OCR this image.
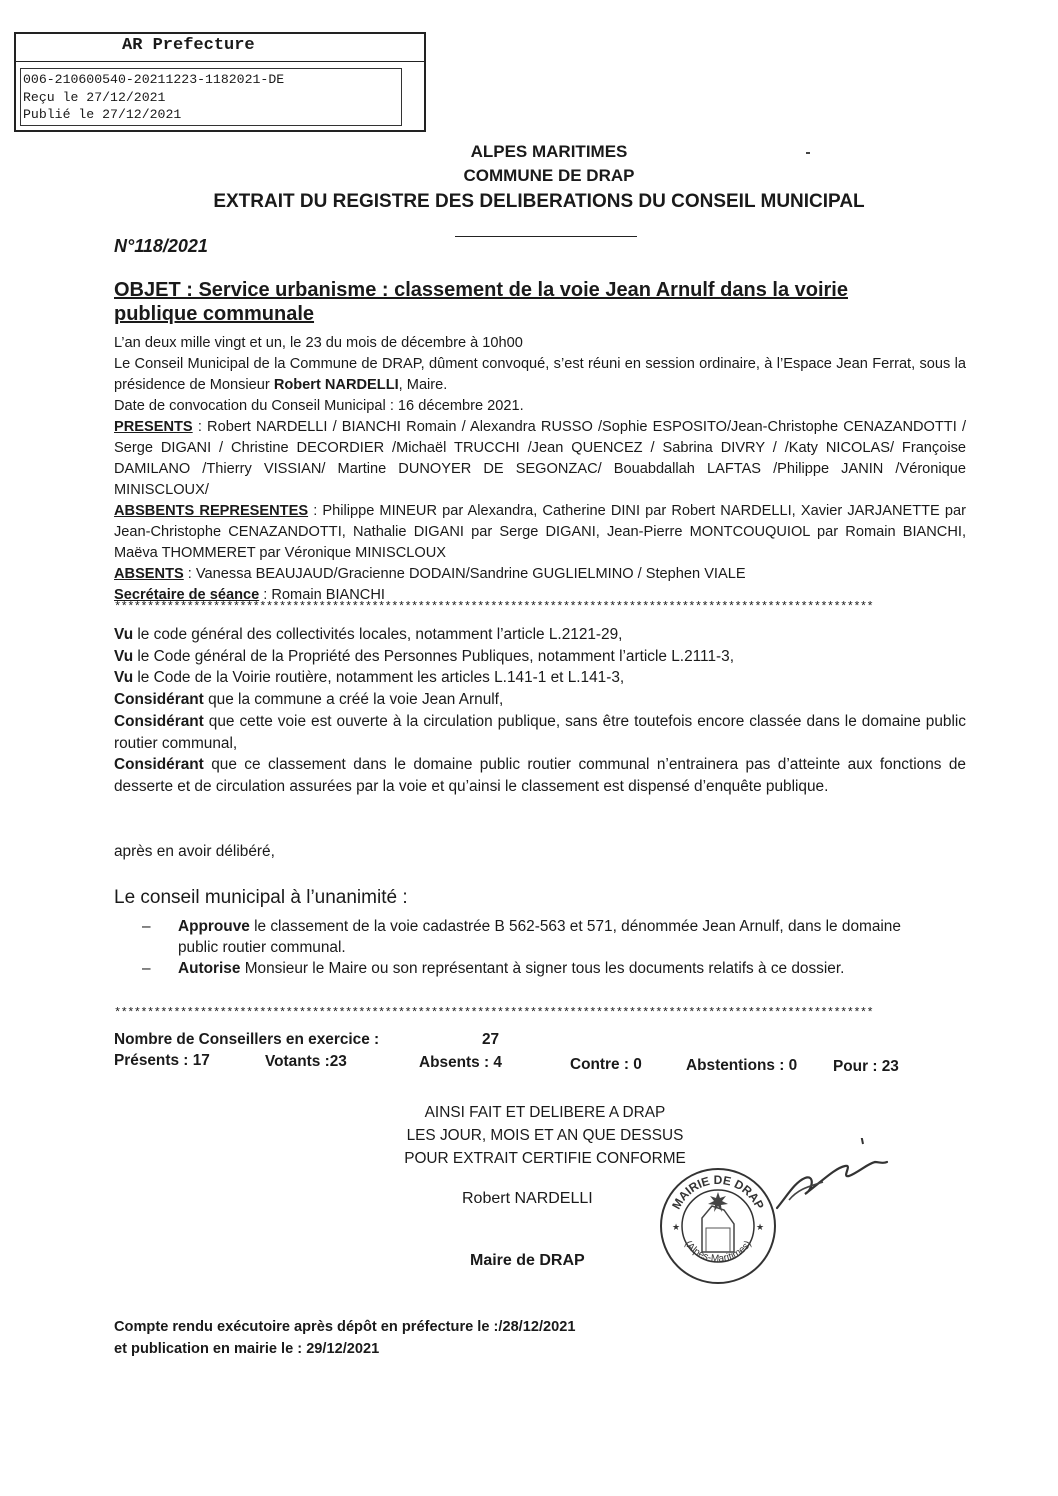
AR Prefecture
006-210600540-20211223-1182021-DE
Reçu le 27/12/2021
Publié le 27/12/2021
ALPES MARITIMES
COMMUNE DE DRAP
EXTRAIT DU REGISTRE DES DELIBERATIONS DU CONSEIL MUNICIPAL
N°118/2021
OBJET : Service urbanisme : classement de la voie Jean Arnulf dans la voirie publique communale
L’an deux mille vingt et un, le 23 du mois de décembre à 10h00
Le Conseil Municipal de la Commune de DRAP, dûment convoqué, s’est réuni en session ordinaire, à l’Espace Jean Ferrat, sous la présidence de Monsieur Robert NARDELLI, Maire.
Date de convocation du Conseil Municipal : 16 décembre 2021.
PRESENTS : Robert NARDELLI / BIANCHI Romain / Alexandra RUSSO /Sophie ESPOSITO/Jean-Christophe CENAZANDOTTI / Serge DIGANI / Christine DECORDIER /Michaël TRUCCHI /Jean QUENCEZ / Sabrina DIVRY / /Katy NICOLAS/ Françoise DAMILANO /Thierry VISSIAN/ Martine DUNOYER DE SEGONZAC/ Bouabdallah LAFTAS /Philippe JANIN /Véronique MINISCLOUX/
ABSBENTS REPRESENTES : Philippe MINEUR par Alexandra, Catherine DINI par Robert NARDELLI, Xavier JARJANETTE par Jean-Christophe CENAZANDOTTI, Nathalie DIGANI par Serge DIGANI, Jean-Pierre MONTCOUQUIOL par Romain BIANCHI, Maëva THOMMERET par Véronique MINISCLOUX
ABSENTS : Vanessa BEAUJAUD/Gracienne DODAIN/Sandrine GUGLIELMINO / Stephen VIALE
Secrétaire de séance : Romain BIANCHI
*******************************************************************************************************************
Vu le code général des collectivités locales, notamment l’article L.2121-29,
Vu le Code général de la Propriété des Personnes Publiques, notamment l’article L.2111-3,
Vu le Code de la Voirie routière, notamment les articles L.141-1 et L.141-3,
Considérant que la commune a créé la voie Jean Arnulf,
Considérant que cette voie est ouverte à la circulation publique, sans être toutefois encore classée dans le domaine public routier communal,
Considérant que ce classement dans le domaine public routier communal n’entrainera pas d’atteinte aux fonctions de desserte et de circulation assurées par la voie et qu’ainsi le classement est dispensé d’enquête publique.
après en avoir délibéré,
Le conseil municipal à l’unanimité :
– Approuve le classement de la voie cadastrée B 562-563 et 571, dénommée Jean Arnulf, dans le domaine public routier communal.
– Autorise Monsieur le Maire ou son représentant à signer tous les documents relatifs à ce dossier.
*******************************************************************************************************************
Nombre de Conseillers en exercice :	27
Présents : 17	Votants :23	Absents : 4	Contre : 0	Abstentions : 0 Pour : 23
AINSI FAIT ET DELIBERE A DRAP
LES JOUR, MOIS ET AN QUE DESSUS
POUR EXTRAIT CERTIFIE CONFORME
Robert NARDELLI
Maire de DRAP
MAIRIE DE DRAP
(Alpes-Maritimes)
★	★
Compte rendu exécutoire après dépôt en préfecture le :/28/12/2021
et publication en mairie le : 29/12/2021
